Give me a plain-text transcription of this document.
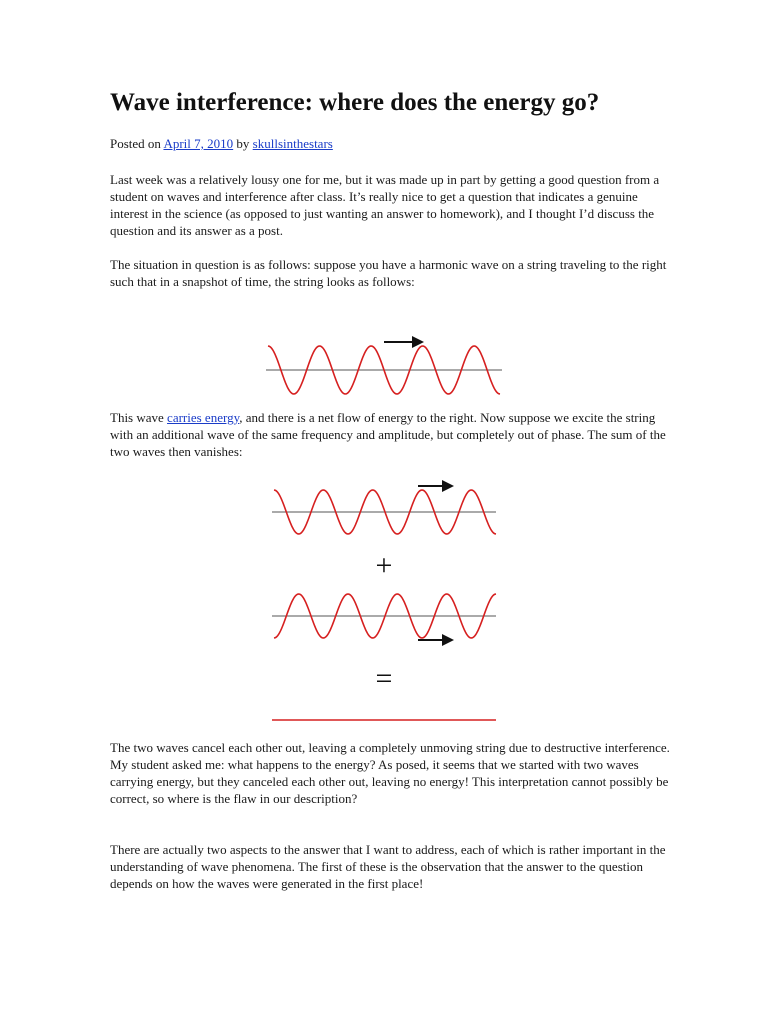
Wave interference: where does the energy go?
Posted on April 7, 2010 by skullsinthestars

Last week was a relatively lousy one for me, but it was made up in part by getting a good question from a student on waves and interference after class. It’s really nice to get a question that indicates a genuine interest in the science (as opposed to just wanting an answer to homework), and I thought I’d discuss the question and its answer as a post.

The situation in question is as follows: suppose you have a harmonic wave on a string traveling to the right such that in a snapshot of time, the string looks as follows:

This wave carries energy, and there is a net flow of energy to the right. Now suppose we excite the string with an additional wave of the same frequency and amplitude, but completely out of phase. The sum of the two waves then vanishes:

+
=

The two waves cancel each other out, leaving a completely unmoving string due to destructive interference. My student asked me: what happens to the energy? As posed, it seems that we started with two waves carrying energy, but they canceled each other out, leaving no energy! This interpretation cannot possibly be correct, so where is the flaw in our description?

There are actually two aspects to the answer that I want to address, each of which is rather important in the understanding of wave phenomena. The first of these is the observation that the answer to the question depends on how the waves were generated in the first place!
